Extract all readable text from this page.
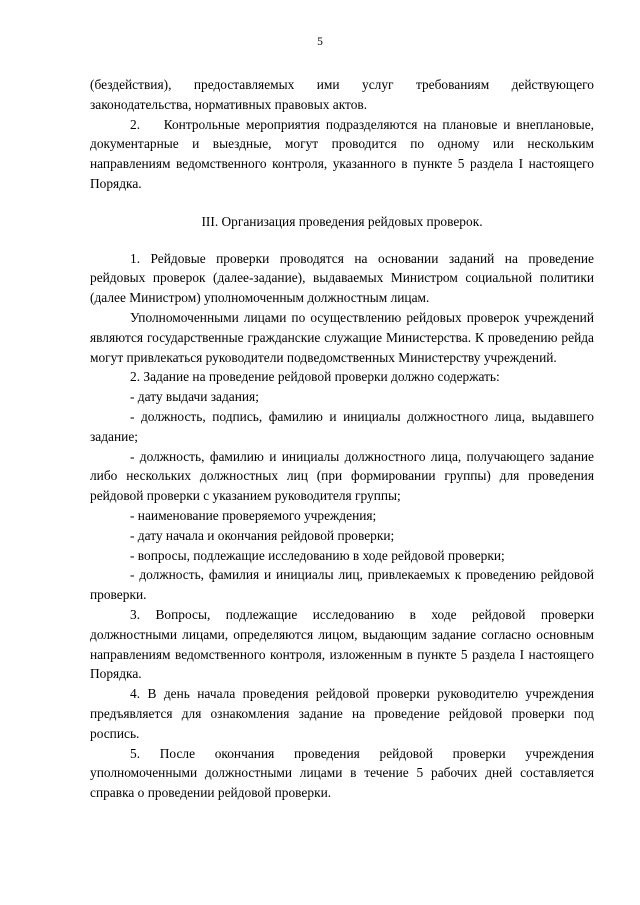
5

(бездействия), предоставляемых ими услуг требованиям действующего законодательства, нормативных правовых актов.

2.    Контрольные мероприятия подразделяются на плановые и внеплановые, документарные и выездные, могут проводится по одному или нескольким направлениям ведомственного контроля, указанного в пункте 5 раздела I настоящего Порядка.

III. Организация проведения рейдовых проверок.

1. Рейдовые проверки проводятся на основании заданий на проведение рейдовых проверок (далее-задание), выдаваемых Министром социальной политики (далее Министром) уполномоченным должностным лицам.

Уполномоченными лицами по осуществлению рейдовых проверок учреждений являются государственные гражданские служащие Министерства. К проведению рейда могут привлекаться руководители подведомственных Министерству учреждений.

2. Задание на проведение рейдовой проверки должно содержать:

- дату выдачи задания;

- должность, подпись, фамилию и инициалы должностного лица, выдавшего задание;

- должность, фамилию и инициалы должностного лица, получающего задание либо нескольких должностных лиц (при формировании группы) для проведения рейдовой проверки с указанием руководителя группы;

- наименование проверяемого учреждения;

- дату начала и окончания рейдовой проверки;

- вопросы, подлежащие исследованию в ходе рейдовой проверки;

- должность, фамилия и инициалы лиц, привлекаемых к проведению рейдовой проверки.

3. Вопросы, подлежащие исследованию в ходе рейдовой проверки должностными лицами, определяются лицом, выдающим задание согласно основным направлениям ведомственного контроля, изложенным в пункте 5 раздела I настоящего Порядка.

4. В день начала проведения рейдовой проверки руководителю учреждения предъявляется для ознакомления задание на проведение рейдовой проверки под роспись.

5. После окончания проведения рейдовой проверки учреждения уполномоченными должностными лицами в течение 5 рабочих дней составляется справка о проведении рейдовой проверки.
